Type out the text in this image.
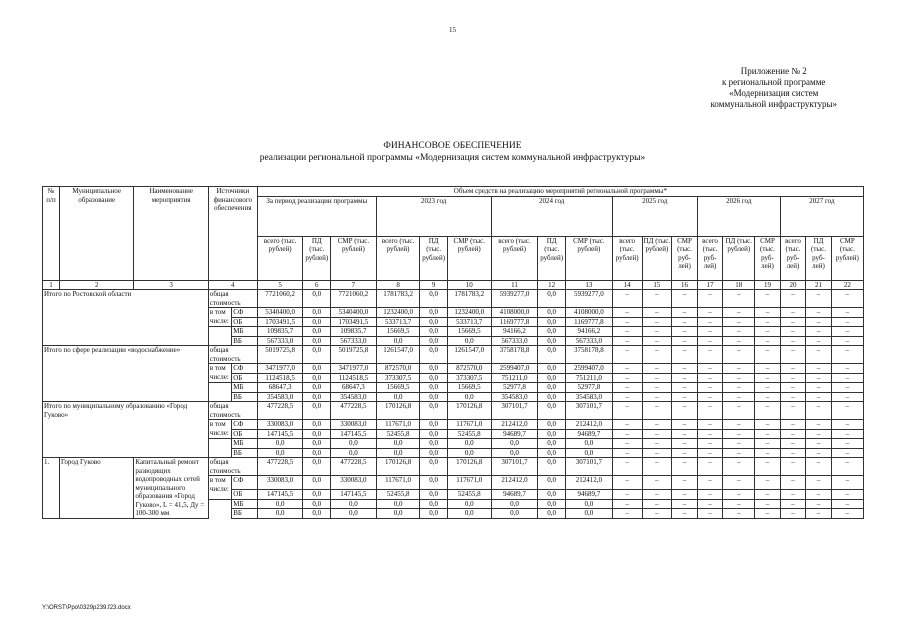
15
Приложение № 2
к региональной программе
«Модернизация систем
коммунальной инфраструктуры»
ФИНАНСОВОЕ ОБЕСПЕЧЕНИЕ
реализации региональной программы «Модернизация систем коммунальной инфраструктуры»
№ п/п	Муниципальное образование	Наименование мероприятия	Источники финансового обеспечения		Объем средств на реализацию мероприятий региональной программы*																	
					За период реализации программы			2023 год			2024 год			2025 год			2026 год			2027 год		
					всего (тыс. рублей)	ПД (тыс. рублей)	СМР (тыс. рублей)	всего (тыс. рублей)	ПД (тыс. рублей)	СМР (тыс. рублей)	всего (тыс. рублей)	ПД (тыс. рублей)	СМР (тыс. рублей)	всего (тыс. рублей)	ПД (тыс. рублей)	СМР (тыс. руб-лей)	всего (тыс. руб-лей)	ПД (тыс. рублей)	СМР (тыс. руб-лей)	всего (тыс. руб-лей)	ПД (тыс. руб-лей)	СМР (тыс. рублей)
1	2	3	4		5	6	7	8	9	10	11	12	13	14	15	16	17	18	19	20	21	22
Итого по Ростовской области			общая стоимость		7721060,2	0,0	7721060,2	1781783,2	0,0	1781783,2	5939277,0	0,0	5939277,0	–	–	–	–	–	–	–	–	–
			в том числе:	СФ	5340400,0	0,0	5340400,0	1232400,0	0,0	1232400,0	4108000,0	0,0	4108000,0	–	–	–	–	–	–	–	–	–
				ОБ	1703491,5	0,0	1703491,5	533713,7	0,0	533713,7	1169777,8	0,0	1169777,8	–	–	–	–	–	–	–	–	–
				МБ	109835,7	0,0	109835,7	15669,5	0,0	15669,5	94166,2	0,0	94166,2	–	–	–	–	–	–	–	–	–
				ВБ	567333,0	0,0	567333,0	0,0	0,0	0,0	567333,0	0,0	567333,0	–	–	–	–	–	–	–	–	–
Итого по сфере реализации «водоснабжение»			общая стоимость		5019725,8	0,0	5019725,8	1261547,0	0,0	1261547,0	3758178,8	0,0	3758178,8	–	–	–	–	–	–	–	–	–
			в том числе:	СФ	3471977,0	0,0	3471977,0	872570,0	0,0	872570,0	2599407,0	0,0	2599407,0	–	–	–	–	–	–	–	–	–
				ОБ	1124518,5	0,0	1124518,5	373307,5	0,0	373307,5	751211,0	0,0	751211,0	–	–	–	–	–	–	–	–	–
				МБ	68647,3	0,0	68647,3	15669,5	0,0	15669,5	52977,8	0,0	52977,8	–	–	–	–	–	–	–	–	–
				ВБ	354583,0	0,0	354583,0	0,0	0,0	0,0	354583,0	0,0	354583,0	–	–	–	–	–	–	–	–	–
Итого по муниципальному образованию «Город Гуково»			общая стоимость		477228,5	0,0	477228,5	170126,8	0,0	170126,8	307101,7	0,0	307101,7	–	–	–	–	–	–	–	–	–
			в том числе:	СФ	330083,0	0,0	330083,0	117671,0	0,0	117671,0	212412,0	0,0	212412,0	–	–	–	–	–	–	–	–	–
				ОБ	147145,5	0,0	147145,5	52455,8	0,0	52455,8	94689,7	0,0	94689,7	–	–	–	–	–	–	–	–	–
				МБ	0,0	0,0	0,0	0,0	0,0	0,0	0,0	0,0	0,0	–	–	–	–	–	–	–	–	–
				ВБ	0,0	0,0	0,0	0,0	0,0	0,0	0,0	0,0	0,0	–	–	–	–	–	–	–	–	–
1.	Город Гуково	Капитальный ремонт разводящих водопроводных сетей муниципального образования «Город Гуково», L = 41,5, Ду = 100-300 мм	общая стоимость		477228,5	0,0	477228,5	170126,8	0,0	170126,8	307101,7	0,0	307101,7	–	–	–	–	–	–	–	–	–
			в том числе:	СФ	330083,0	0,0	330083,0	117671,0	0,0	117671,0	212412,0	0,0	212412,0	–	–	–	–	–	–	–	–	–
				ОБ	147145,5	0,0	147145,5	52455,8	0,0	52455,8	94689,7	0,0	94689,7	–	–	–	–	–	–	–	–	–
				МБ	0,0	0,0	0,0	0,0	0,0	0,0	0,0	0,0	0,0	–	–	–	–	–	–	–	–	–
				ВБ	0,0	0,0	0,0	0,0	0,0	0,0	0,0	0,0	0,0	–	–	–	–	–	–	–	–	–
Y:\ORST\Ppo\0329p239.f23.docx
